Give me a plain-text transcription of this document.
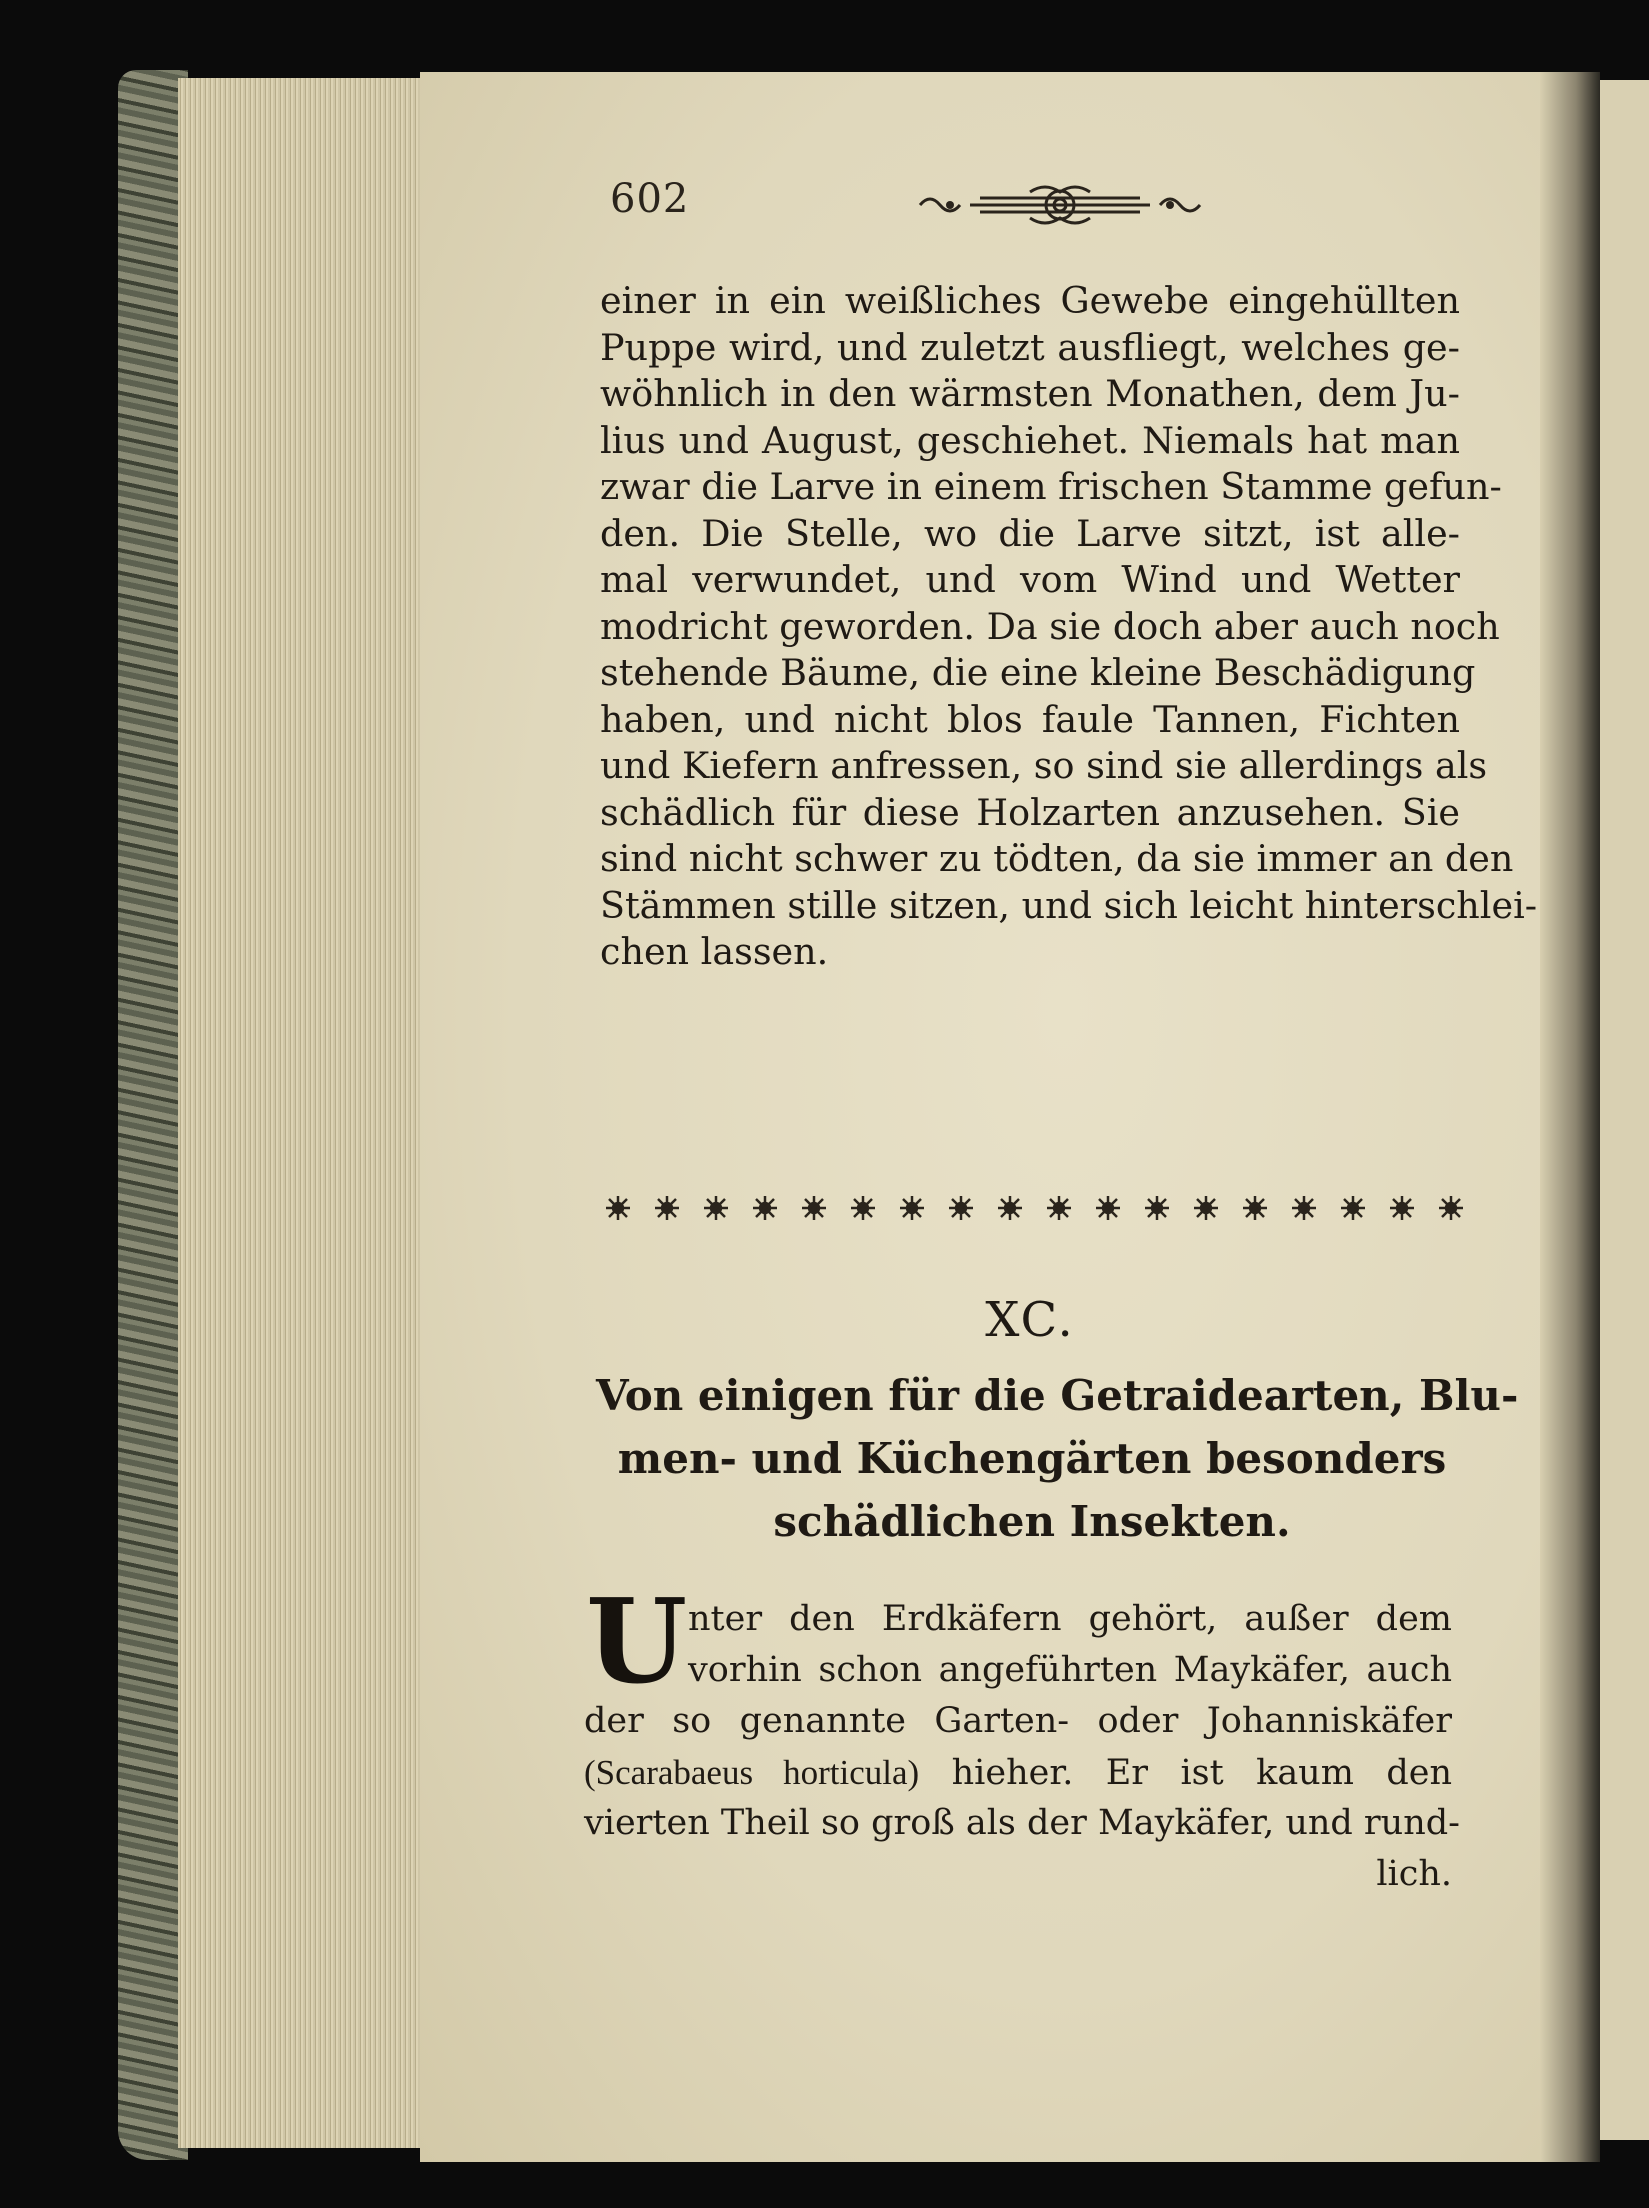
602
einer in ein weißliches Gewebe eingehüllten
Puppe wird, und zuletzt ausfliegt, welches ge-
wöhnlich in den wärmsten Monathen, dem Ju-
lius und August, geschiehet. Niemals hat man
zwar die Larve in einem frischen Stamme gefun-
den. Die Stelle, wo die Larve sitzt, ist alle-
mal verwundet, und vom Wind und Wetter
modricht geworden. Da sie doch aber auch noch
stehende Bäume, die eine kleine Beschädigung
haben, und nicht blos faule Tannen, Fichten
und Kiefern anfressen, so sind sie allerdings als
schädlich für diese Holzarten anzusehen. Sie
sind nicht schwer zu tödten, da sie immer an den
Stämmen stille sitzen, und sich leicht hinterschlei-
chen lassen.
XC.
Von einigen für die Getraidearten, Blu-
men- und Küchengärten besonders
schädlichen Insekten.
U nter den Erdkäfern gehört, außer dem
vorhin schon angeführten Maykäfer, auch
der so genannte Garten- oder Johanniskäfer
(Scarabaeus horticula) hieher. Er ist kaum den
vierten Theil so groß als der Maykäfer, und rund-
lich.
